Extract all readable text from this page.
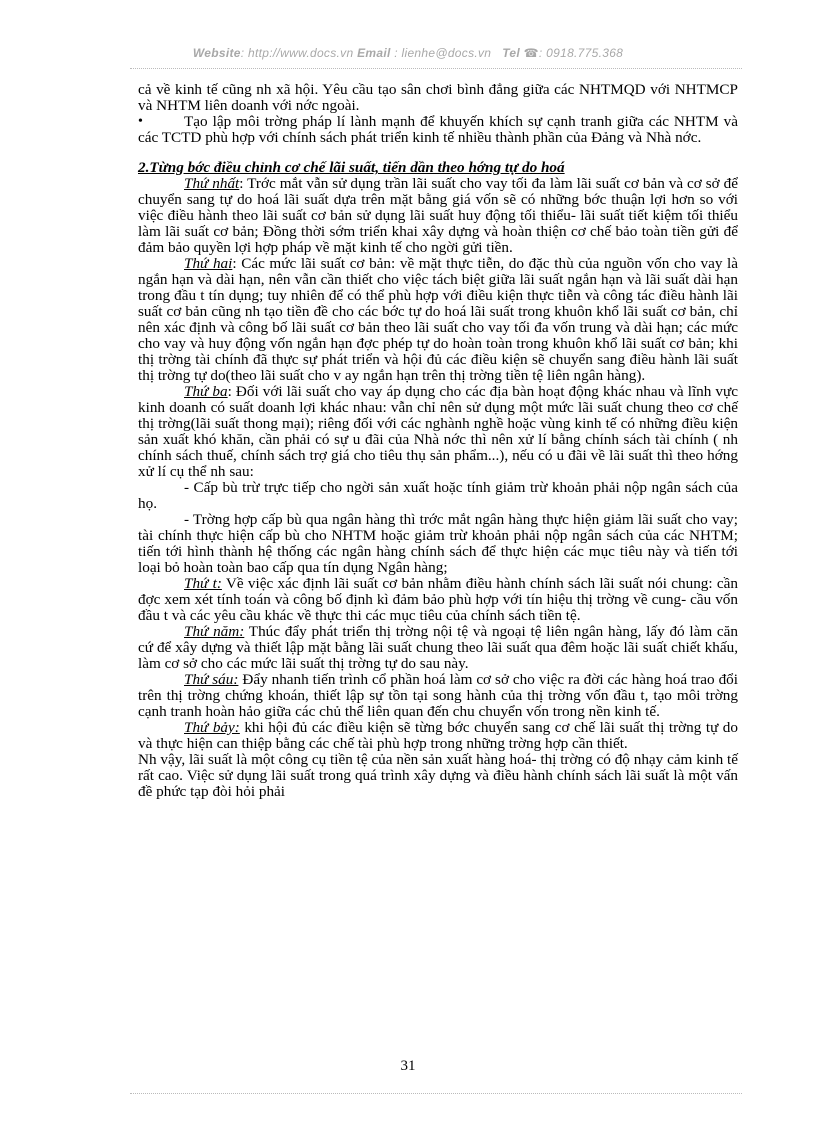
Website: http://www.docs.vn Email : lienhe@docs.vn Tel ☎: 0918.775.368

cả về kinh tế cũng nh xã hội. Yêu cầu tạo sân chơi bình đẳng giữa các NHTMQD với NHTMCP và NHTM liên doanh với nớc ngoài.

•	Tạo lập môi trờng pháp lí lành mạnh để khuyến khích sự cạnh tranh giữa các NHTM và các TCTD phù hợp với chính sách phát triển kinh tế nhiều thành phần của Đảng và Nhà nớc.

2.Từng bớc điều chỉnh cơ chế lãi suất, tiến dần theo hớng tự do hoá

Thứ nhất: Trớc mắt vẫn sử dụng trần lãi suất cho vay tối đa làm lãi suất cơ bản và cơ sở để chuyển sang tự do hoá lãi suất dựa trên mặt bằng giá vốn sẽ có những bớc thuận lợi hơn so với việc điều hành theo lãi suất cơ bản sử dụng lãi suất huy động tối thiểu- lãi suất tiết kiệm tối thiểu làm lãi suất cơ bản; Đồng thời sớm triển khai xây dựng và hoàn thiện cơ chế bảo toàn tiền gửi để đảm bảo quyền lợi hợp pháp về mặt kinh tế cho ngời gửi tiền.

Thứ hai: Các mức lãi suất cơ bản: về mặt thực tiễn, do đặc thù của nguồn vốn cho vay là ngắn hạn và dài hạn, nên vẫn cần thiết cho việc tách biệt giữa lãi suất ngắn hạn và lãi suất dài hạn trong đầu t tín dụng; tuy nhiên để có thể phù hợp với điều kiện thực tiễn và công tác điều hành lãi suất cơ bản cũng nh tạo tiền đề cho các bớc tự do hoá lãi suất trong khuôn khổ lãi suất cơ bản, chỉ nên xác định và công bố lãi suất cơ bản theo lãi suất cho vay tối đa vốn trung và dài hạn; các mức cho vay và huy động vốn ngắn hạn đợc phép tự do hoàn toàn trong khuôn khổ lãi suất cơ bản; khi thị trờng tài chính đã thực sự phát triển và hội đủ các điều kiện sẽ chuyển sang điều hành lãi suất thị trờng tự do(theo lãi suất cho v ay ngắn hạn trên thị trờng tiền tệ liên ngân hàng).

Thứ ba: Đối với lãi suất cho vay áp dụng cho các địa bàn hoạt động khác nhau và lĩnh vực kinh doanh có suất doanh lợi khác nhau: vẫn chỉ nên sử dụng một mức lãi suất chung theo cơ chế thị trờng(lãi suất thong mại); riêng đối với các nghành nghề hoặc vùng kinh tế có những điều kiện sản xuất khó khăn, cần phải có sự u đãi của Nhà nớc thì nên xử lí bằng chính sách tài chính ( nh chính sách thuế, chính sách trợ giá cho tiêu thụ sản phẩm...), nếu có u đãi về lãi suất thì theo hớng xử lí cụ thể nh sau:

- Cấp bù trừ trực tiếp cho ngời sản xuất hoặc tính giảm trừ khoản phải nộp ngân sách của họ.

- Trờng hợp cấp bù qua ngân hàng thì trớc mắt ngân hàng thực hiện giảm lãi suất cho vay; tài chính thực hiện cấp bù cho NHTM hoặc giảm trừ khoản phải nộp ngân sách của các NHTM; tiến tới hình thành hệ thống các ngân hàng chính sách để thực hiện các mục tiêu này và tiến tới loại bỏ hoàn toàn bao cấp qua tín dụng Ngân hàng;

Thứ t: Về việc xác định lãi suất cơ bản nhằm điều hành chính sách lãi suất nói chung: cần đợc xem xét tính toán và công bố định kì đảm bảo phù hợp với tín hiệu thị trờng về cung- cầu vốn đầu t và các yêu cầu khác về thực thi các mục tiêu của chính sách tiền tệ.

Thứ năm: Thúc đẩy phát triển thị trờng nội tệ và ngoại tệ liên ngân hàng, lấy đó làm căn cứ để xây dựng và thiết lập mặt bằng lãi suất chung theo lãi suất qua đêm hoặc lãi suất chiết khấu, làm cơ sở cho các mức lãi suất thị trờng tự do sau này.

Thứ sáu: Đẩy nhanh tiến trình cổ phần hoá làm cơ sở cho việc ra đời các hàng hoá trao đổi trên thị trờng chứng khoán, thiết lập sự tồn tại song hành của thị trờng vốn đầu t, tạo môi trờng cạnh tranh hoàn hảo giữa các chủ thể liên quan đến chu chuyển vốn trong nền kinh tế.

Thứ bảy: khi hội đủ các điều kiện sẽ từng bớc chuyển sang cơ chế lãi suất thị trờng tự do và thực hiện can thiệp bằng các chế tài phù hợp trong những trờng hợp cần thiết.

Nh vậy, lãi suất là một công cụ tiền tệ của nền sản xuất hàng hoá- thị trờng có độ nhạy cảm kinh tế rất cao. Việc sử dụng lãi suất trong quá trình xây dựng và điều hành chính sách lãi suất là một vấn đề phức tạp đòi hỏi phải

31
